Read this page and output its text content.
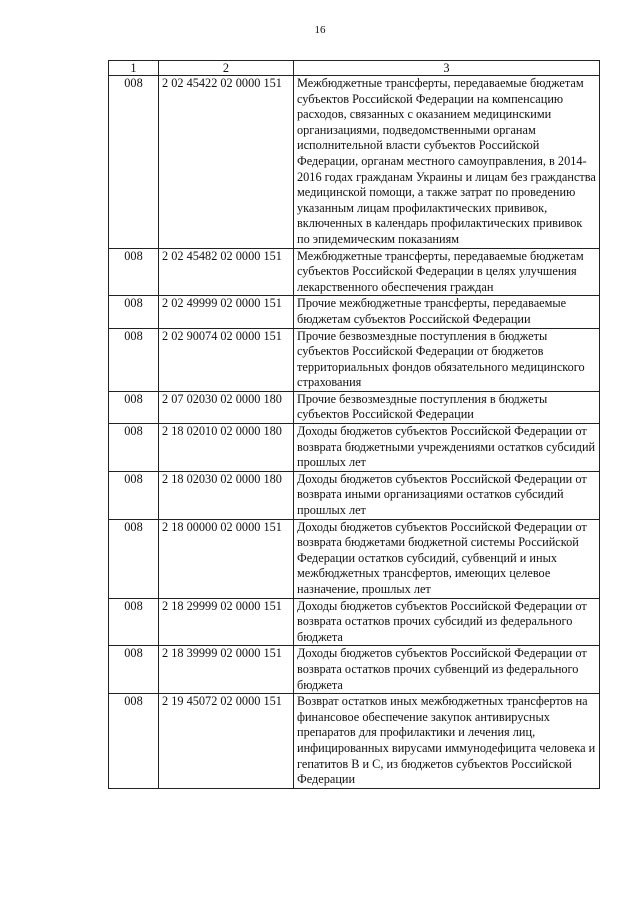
16
1	2	3
008	2 02 45422 02 0000 151	Межбюджетные трансферты, передаваемые бюджетам субъектов Российской Федерации на компенсацию расходов, связанных с оказанием медицинскими организациями, подведомственными органам исполнительной власти субъектов Российской Федерации, органам местного самоуправления, в 2014-2016 годах гражданам Украины и лицам без гражданства медицинской помощи, а также затрат по проведению указанным лицам профилактических прививок, включенных в календарь профилактических прививок по эпидемическим показаниям
008	2 02 45482 02 0000 151	Межбюджетные трансферты, передаваемые бюджетам субъектов Российской Федерации в целях улучшения лекарственного обеспечения граждан
008	2 02 49999 02 0000 151	Прочие межбюджетные трансферты, передаваемые бюджетам субъектов Российской Федерации
008	2 02 90074 02 0000 151	Прочие безвозмездные поступления в бюджеты субъектов Российской Федерации от бюджетов территориальных фондов обязательного медицинского страхования
008	2 07 02030 02 0000 180	Прочие безвозмездные поступления в бюджеты субъектов Российской Федерации
008	2 18 02010 02 0000 180	Доходы бюджетов субъектов Российской Федерации от возврата бюджетными учреждениями остатков субсидий прошлых лет
008	2 18 02030 02 0000 180	Доходы бюджетов субъектов Российской Федерации от возврата иными организациями остатков субсидий прошлых лет
008	2 18 00000 02 0000 151	Доходы бюджетов субъектов Российской Федерации от возврата бюджетами бюджетной системы Российской Федерации остатков субсидий, субвенций и иных межбюджетных трансфертов, имеющих целевое назначение, прошлых лет
008	2 18 29999 02 0000 151	Доходы бюджетов субъектов Российской Федерации от возврата остатков прочих субсидий из федерального бюджета
008	2 18 39999 02 0000 151	Доходы бюджетов субъектов Российской Федерации от возврата остатков прочих субвенций из федерального бюджета
008	2 19 45072 02 0000 151	Возврат остатков иных межбюджетных трансфертов на финансовое обеспечение закупок антивирусных препаратов для профилактики и лечения лиц, инфицированных вирусами иммунодефицита человека и гепатитов В и С, из бюджетов субъектов Российской Федерации
